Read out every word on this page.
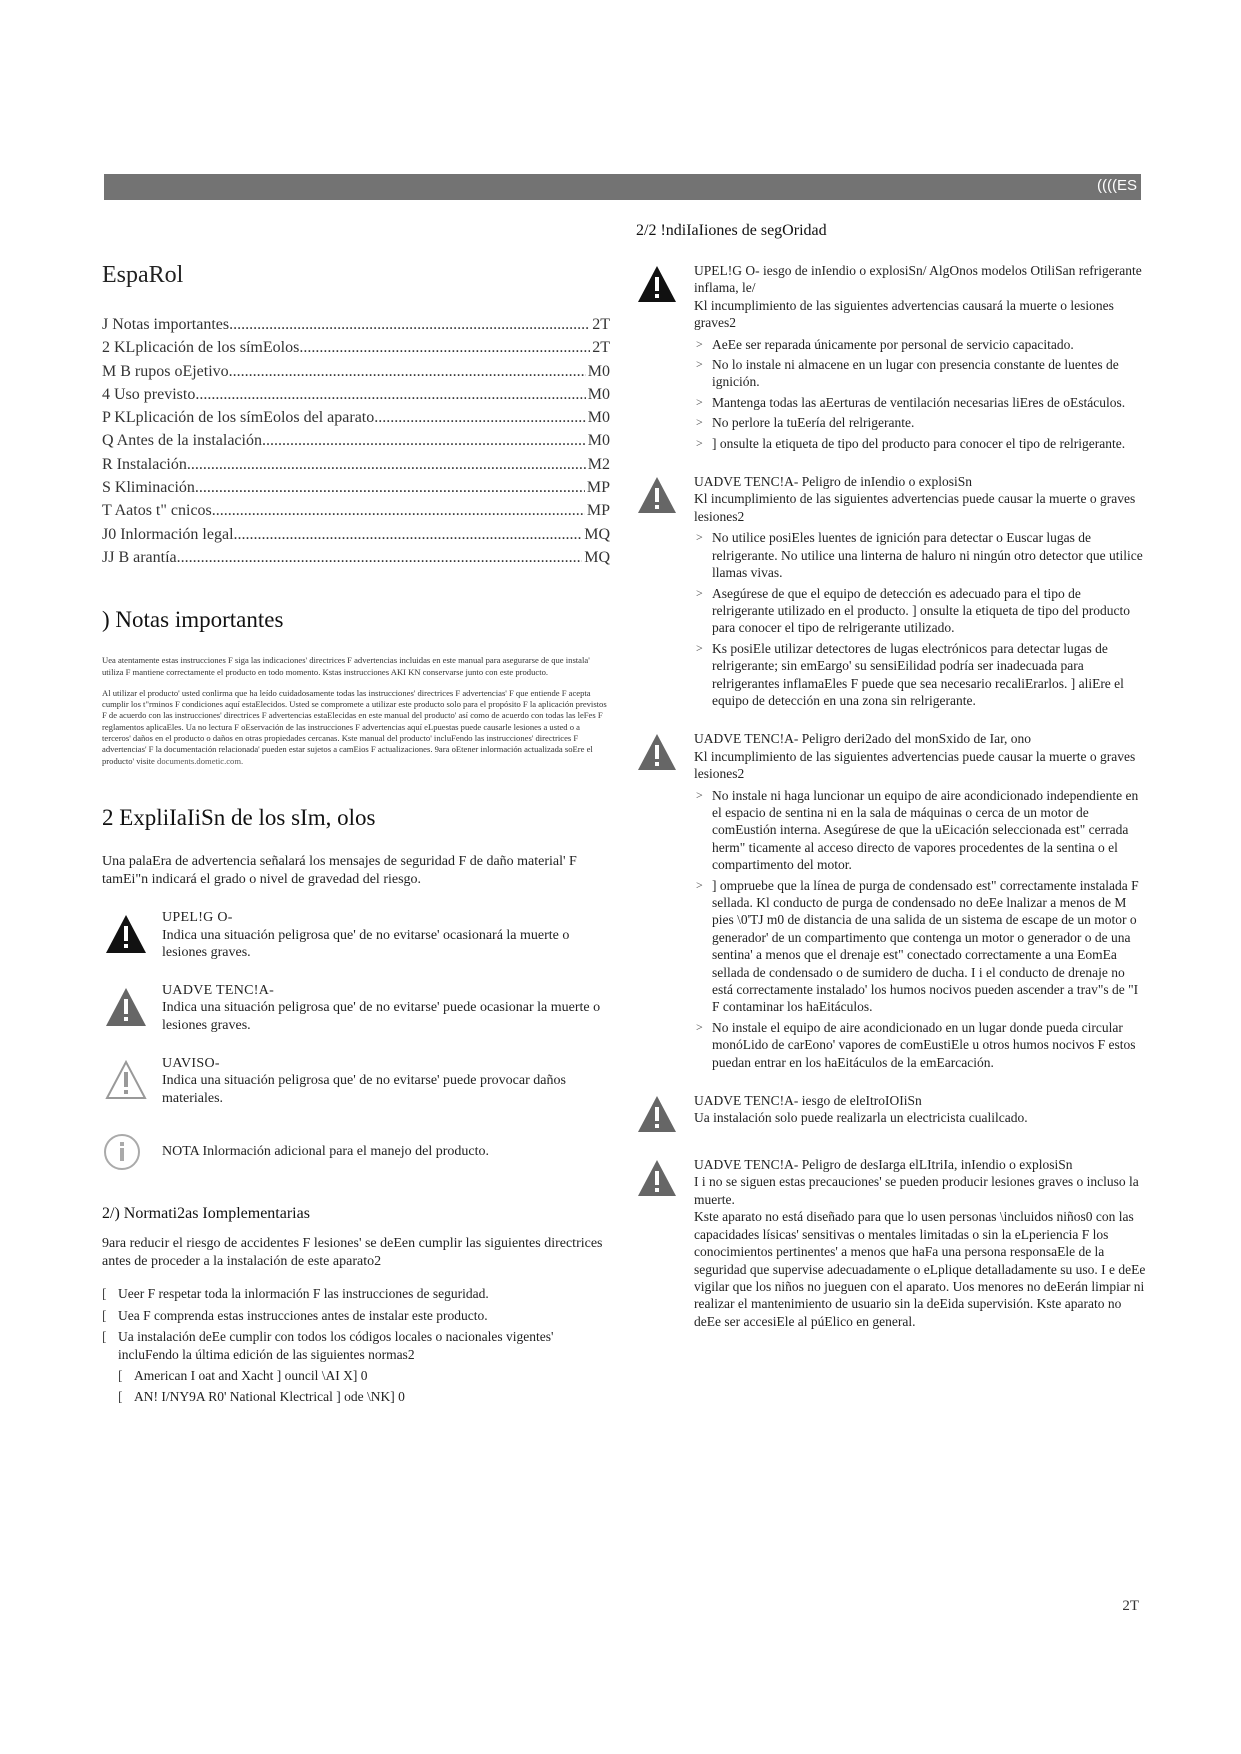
((((ES
EspaRol
J Notas importantes .....	2T
2 KLplicación de los símEolos .....	2T
M B rupos oEjetivo .....	M0
4 Uso previsto .....	M0
P KLplicación de los símEolos del aparato .....	M0
Q Antes de la instalación .....	M0
R Instalación .....	M2
S Kliminación .....	MP
T Aatos t" cnicos .....	MP
J0 Inlormación legal .....	MQ
JJ B arantía .....	MQ
) Notas importantes

Uea atentamente estas instrucciones F siga las indicaciones' directrices F advertencias incluidas en este manual para asegurarse de que instala' utiliza F mantiene correctamente el producto en todo momento. Kstas instrucciones AKI KN conservarse junto con este producto.

Al utilizar el producto' usted conlirma que ha leído cuidadosamente todas las instrucciones' directrices F advertencias' F que entiende F acepta cumplir los t"rminos F condiciones aquí estaElecidos. Usted se compromete a utilizar este producto solo para el propósito F la aplicación previstos F de acuerdo con las instrucciones' directrices F advertencias estaElecidas en este manual del producto' así como de acuerdo con todas las leFes F reglamentos aplicaEles. Ua no lectura F oEservación de las instrucciones F advertencias aquí eLpuestas puede causarle lesiones a usted o a terceros' daños en el producto o daños en otras propiedades cercanas. Kste manual del producto' incluFendo las instrucciones' directrices F advertencias' F la documentación relacionada' pueden estar sujetos a camEios F actualizaciones. 9ara oEtener inlormación actualizada soEre el producto' visite documents.dometic.com.

2 ExpliIaIiSn de los sIm, olos

Una palaEra de advertencia señalará los mensajes de seguridad F de daño material' F tamEi"n indicará el grado o nivel de gravedad del riesgo.

UPEL!G O-
Indica una situación peligrosa que' de no evitarse' ocasionará la muerte o lesiones graves.
UADVE TENC!A-
Indica una situación peligrosa que' de no evitarse' puede ocasionar la muerte o lesiones graves.
UAVISO-
Indica una situación peligrosa que' de no evitarse' puede provocar daños materiales.
NOTA Inlormación adicional para el manejo del producto.
2/) Normati2as Iomplementarias

9ara reducir el riesgo de accidentes F lesiones' se deEen cumplir las siguientes directrices antes de proceder a la instalación de este aparato2

[ Ueer F respetar toda la inlormación F las instrucciones de seguridad.
[ Uea F comprenda estas instrucciones antes de instalar este producto.
[ Ua instalación deEe cumplir con todos los códigos locales o nacionales vigentes' incluFendo la última edición de las siguientes normas2
[ American I oat and Xacht ] ouncil \AI X] 0
[ AN! I/NY9A R0' National Klectrical ] ode \NK] 0
2/2 !ndiIaIiones de segOridad

UPEL!G O- iesgo de inIendio o explosiSn/ AlgOnos modelos OtiliSan refrigerante inflama, le/

Kl incumplimiento de las siguientes advertencias causará la muerte o lesiones graves2

> AeEe ser reparada únicamente por personal de servicio capacitado.
> No lo instale ni almacene en un lugar con presencia constante de luentes de ignición.
> Mantenga todas las aEerturas de ventilación necesarias liEres de oEstáculos.
> No perlore la tuEería del relrigerante.
> ] onsulte la etiqueta de tipo del producto para conocer el tipo de relrigerante.

UADVE TENC!A- Peligro de inIendio o explosiSn

Kl incumplimiento de las siguientes advertencias puede causar la muerte o graves lesiones2

> No utilice posiEles luentes de ignición para detectar o Euscar lugas de relrigerante. No utilice una linterna de haluro ni ningún otro detector que utilice llamas vivas.
> Asegúrese de que el equipo de detección es adecuado para el tipo de relrigerante utilizado en el producto. ] onsulte la etiqueta de tipo del producto para conocer el tipo de relrigerante utilizado.
> Ks posiEle utilizar detectores de lugas electrónicos para detectar lugas de relrigerante; sin emEargo' su sensiEilidad podría ser inadecuada para relrigerantes inflamaEles F puede que sea necesario recaliErarlos. ] aliEre el equipo de detección en una zona sin relrigerante.

UADVE TENC!A- Peligro deri2ado del monSxido de Iar, ono

Kl incumplimiento de las siguientes advertencias puede causar la muerte o graves lesiones2

> No instale ni haga luncionar un equipo de aire acondicionado independiente en el espacio de sentina ni en la sala de máquinas o cerca de un motor de comEustión interna. Asegúrese de que la uEicación seleccionada est" cerrada herm" ticamente al acceso directo de vapores procedentes de la sentina o el compartimento del motor.
> ] ompruebe que la línea de purga de condensado est" correctamente instalada F sellada. Kl conducto de purga de condensado no deEe lnalizar a menos de M pies \0'TJ m0 de distancia de una salida de un sistema de escape de un motor o generador' de un compartimento que contenga un motor o generador o de una sentina' a menos que el drenaje est" conectado correctamente a una EomEa sellada de condensado o de sumidero de ducha. I i el conducto de drenaje no está correctamente instalado' los humos nocivos pueden ascender a trav"s de "I F contaminar los haEitáculos.
> No instale el equipo de aire acondicionado en un lugar donde pueda circular monóLido de carEono' vapores de comEustiEle u otros humos nocivos F estos puedan entrar en los haEitáculos de la emEarcación.

UADVE TENC!A- iesgo de eleItroIOIiSn

Ua instalación solo puede realizarla un electricista cualilcado.

UADVE TENC!A- Peligro de desIarga elLItriIa, inIendio o explosiSn

I i no se siguen estas precauciones' se pueden producir lesiones graves o incluso la muerte.

Kste aparato no está diseñado para que lo usen personas \incluidos niños0 con las capacidades lísicas' sensitivas o mentales limitadas o sin la eLperiencia F los conocimientos pertinentes' a menos que haFa una persona responsaEle de la seguridad que supervise adecuadamente o eLplique detalladamente su uso. I e deEe vigilar que los niños no jueguen con el aparato. Uos menores no deEerán limpiar ni realizar el mantenimiento de usuario sin la deEida supervisión. Kste aparato no deEe ser accesiEle al púElico en general.

2T
